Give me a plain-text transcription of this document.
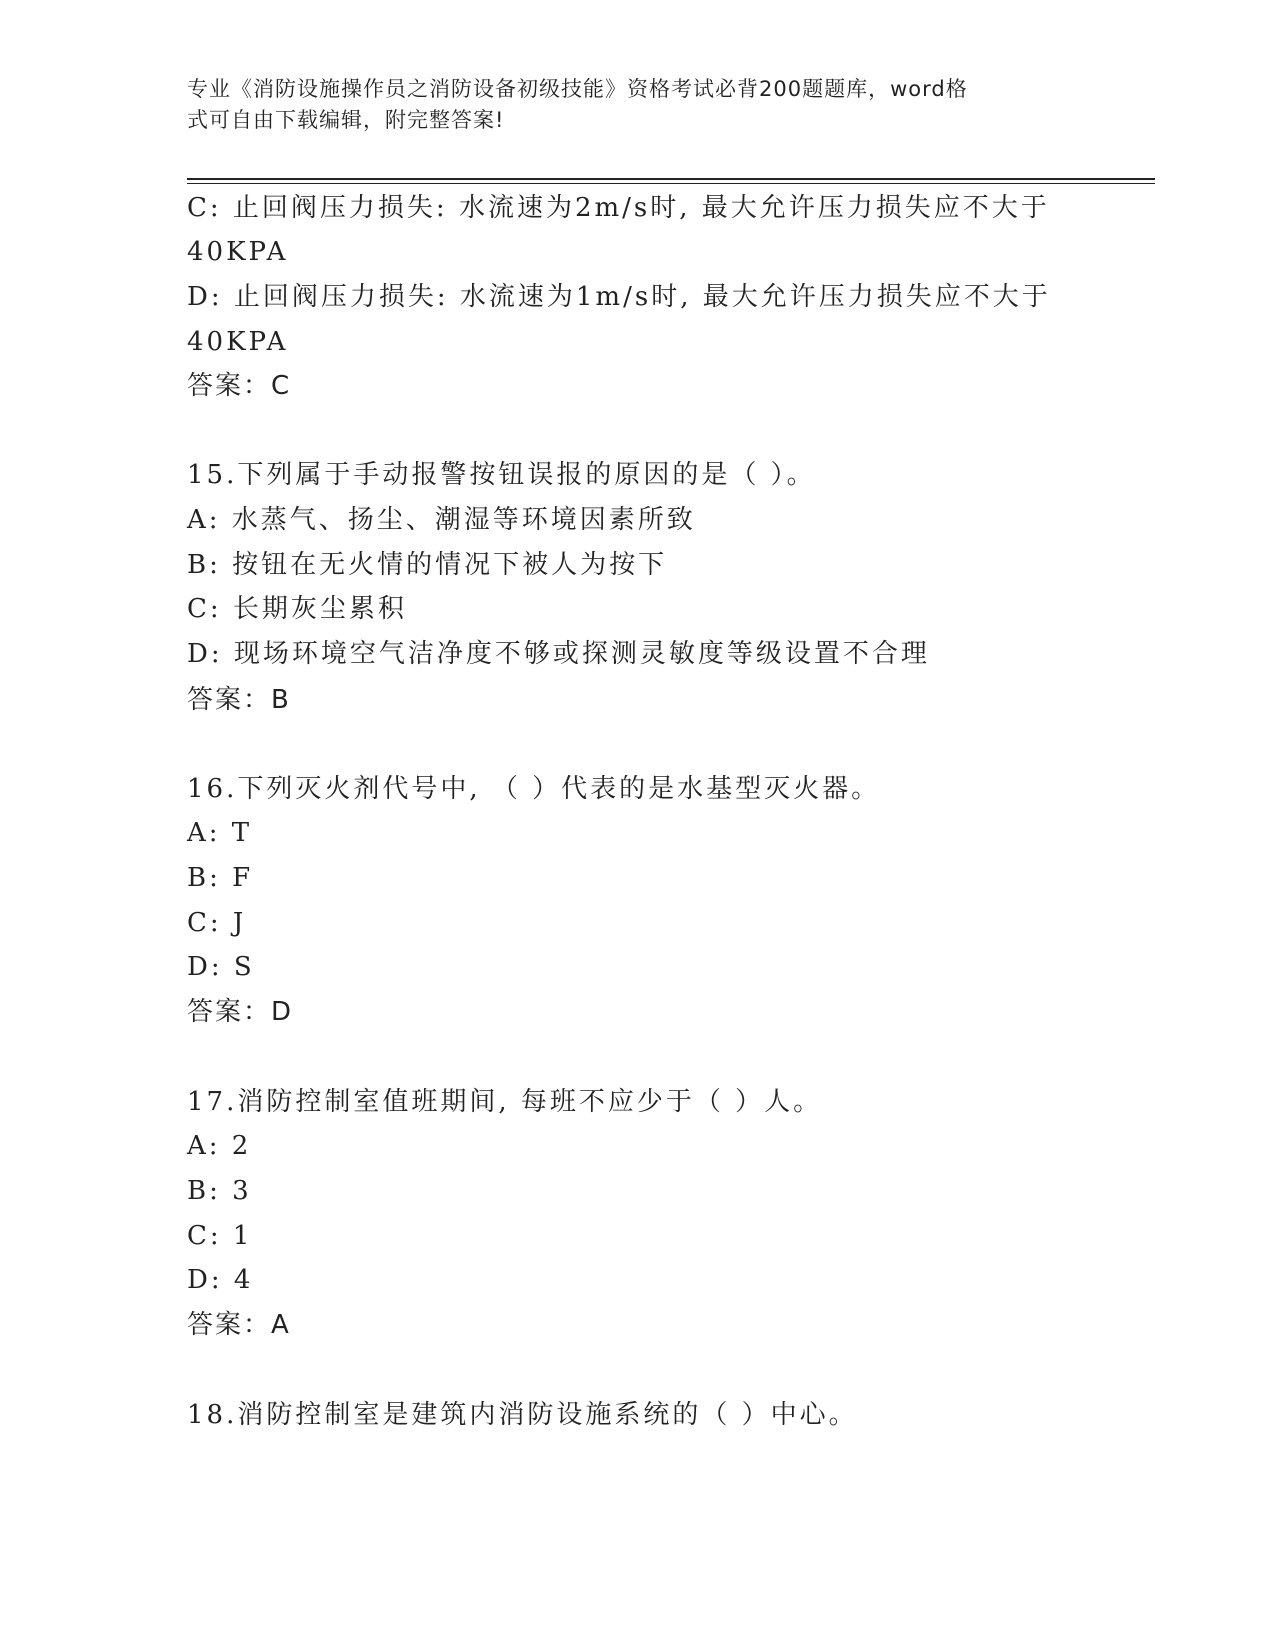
专业《消防设施操作员之消防设备初级技能》资格考试必背200题题库，word格
式可自由下载编辑，附完整答案!
C: 止回阀压力损失: 水流速为2m/s时, 最大允许压力损失应不大于
40KPA
D: 止回阀压力损失: 水流速为1m/s时, 最大允许压力损失应不大于
40KPA
答案：C
15.下列属于手动报警按钮误报的原因的是（ ）。
A: 水蒸气、扬尘、潮湿等环境因素所致
B: 按钮在无火情的情况下被人为按下
C: 长期灰尘累积
D: 现场环境空气洁净度不够或探测灵敏度等级设置不合理
答案：B
16.下列灭火剂代号中, （ ）代表的是水基型灭火器。
A: T
B: F
C: J
D: S
答案：D
17.消防控制室值班期间, 每班不应少于（ ）人。
A: 2
B: 3
C: 1
D: 4
答案：A
18.消防控制室是建筑内消防设施系统的（ ）中心。
